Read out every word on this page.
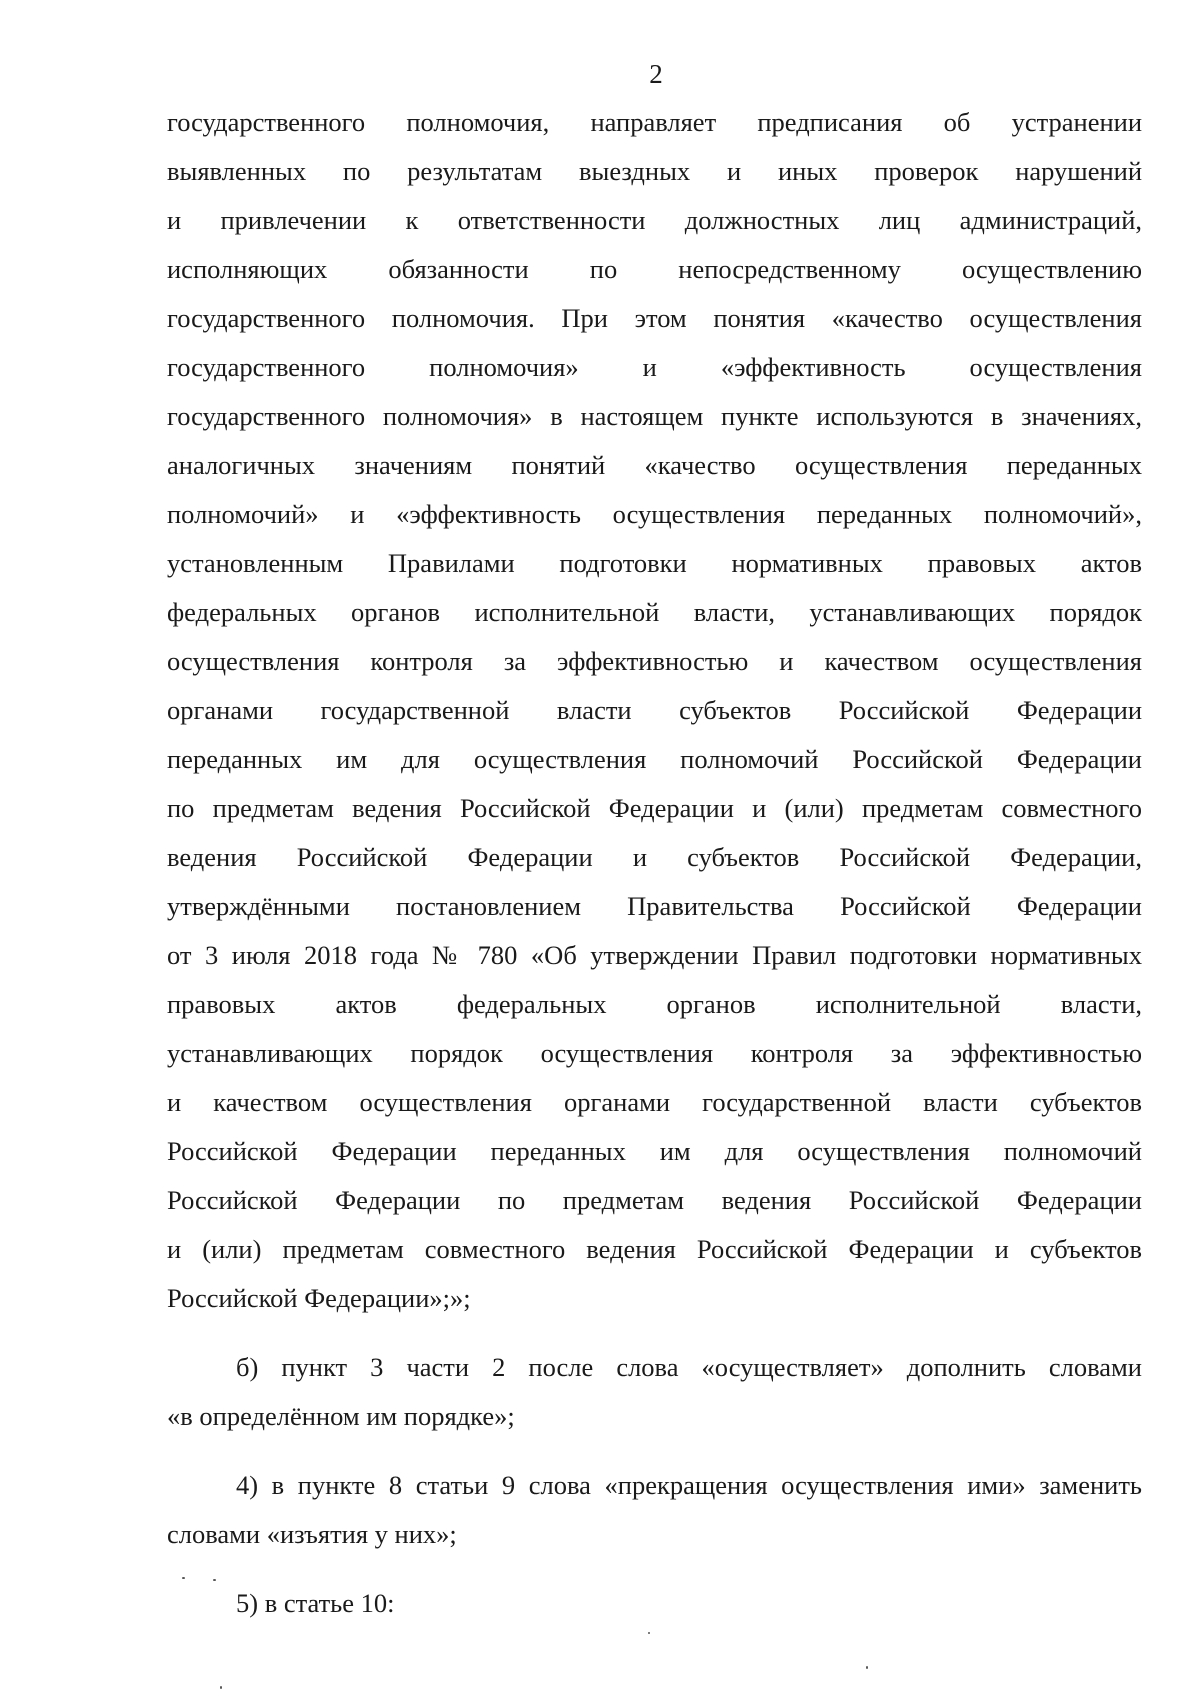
2
государственного полномочия, направляет предписания об устранении
выявленных по результатам выездных и иных проверок нарушений
и привлечении к ответственности должностных лиц администраций,
исполняющих обязанности по непосредственному осуществлению
государственного полномочия. При этом понятия «качество осуществления
государственного полномочия» и «эффективность осуществления
государственного полномочия» в настоящем пункте используются в значениях,
аналогичных значениям понятий «качество осуществления переданных
полномочий» и «эффективность осуществления переданных полномочий»,
установленным Правилами подготовки нормативных правовых актов
федеральных органов исполнительной власти, устанавливающих порядок
осуществления контроля за эффективностью и качеством осуществления
органами государственной власти субъектов Российской Федерации
переданных им для осуществления полномочий Российской Федерации
по предметам ведения Российской Федерации и (или) предметам совместного
ведения Российской Федерации и субъектов Российской Федерации,
утверждёнными постановлением Правительства Российской Федерации
от 3 июля 2018 года № 780 «Об утверждении Правил подготовки нормативных
правовых актов федеральных органов исполнительной власти,
устанавливающих порядок осуществления контроля за эффективностью
и качеством осуществления органами государственной власти субъектов
Российской Федерации переданных им для осуществления полномочий
Российской Федерации по предметам ведения Российской Федерации
и (или) предметам совместного ведения Российской Федерации и субъектов
Российской Федерации»;»;
б) пункт 3 части 2 после слова «осуществляет» дополнить словами
«в определённом им порядке»;
4) в пункте 8 статьи 9 слова «прекращения осуществления ими» заменить
словами «изъятия у них»;
5) в статье 10:
